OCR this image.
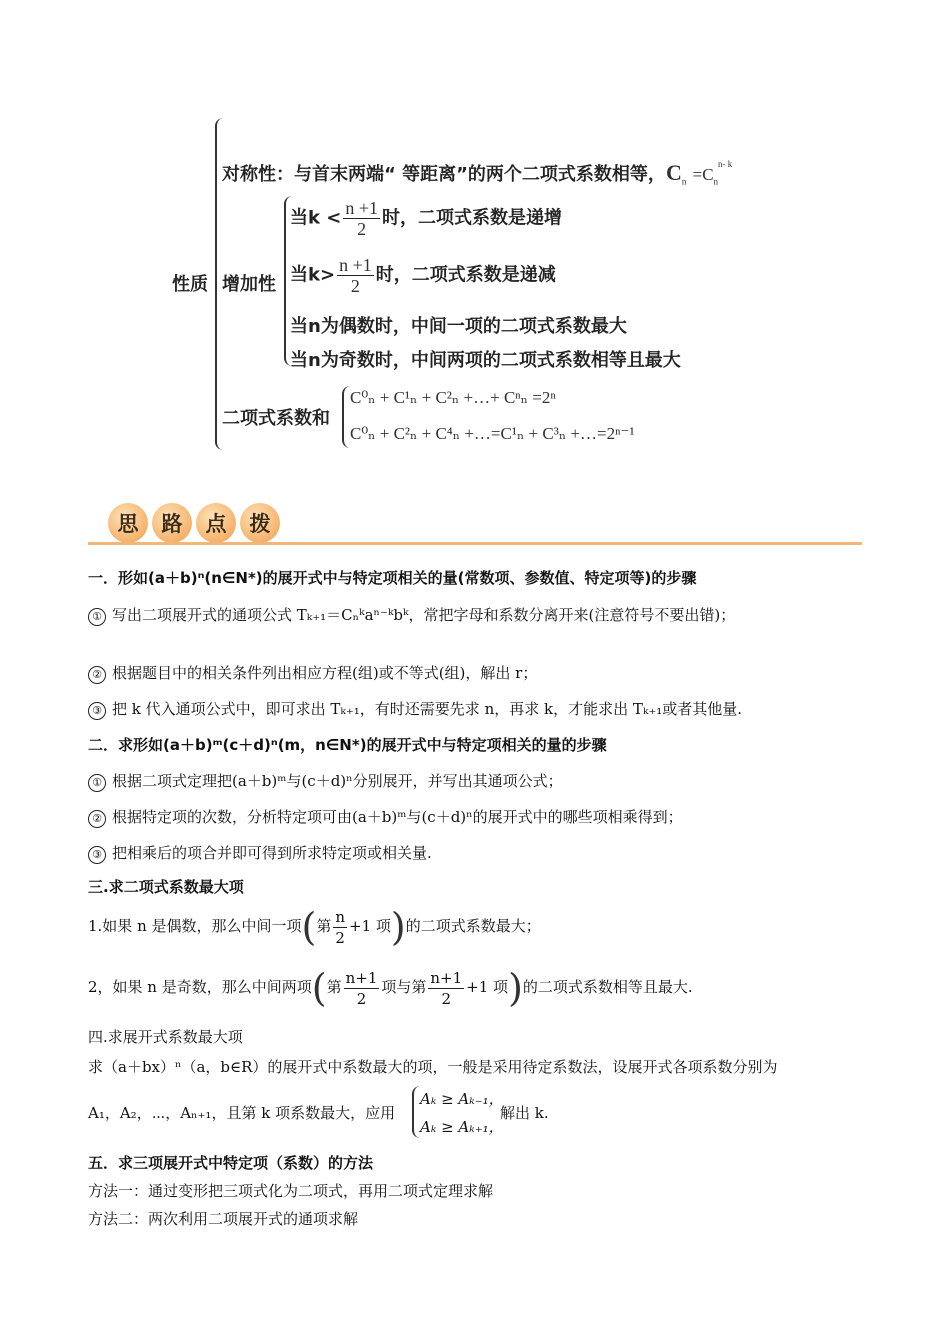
性质
对称性：与首末两端“ 等距离”的两个二项式系数相等，$C_n =C_n^{n- k}$
增加性
当$k < \frac{n +1}{2}$ 时，二项式系数是递增
当$k> \frac{n +1}{2}$ 时，二项式系数是递减
当n为偶数时，中间一项的二项式系数最大
当n为奇数时，中间两项的二项式系数相等且最大
二项式系数和
C⁰ₙ + C¹ₙ + C²ₙ +…+ Cⁿₙ =2ⁿ
C⁰ₙ + C²ₙ + C⁴ₙ +…=C¹ₙ + C³ₙ +…=2ⁿ⁻¹
思	路	点	拨
一．形如(a＋b)ⁿ(n∈N*)的展开式中与特定项相关的量(常数项、参数值、特定项等)的步骤
① 写出二项展开式的通项公式 Tₖ₊₁＝Cₙᵏaⁿ⁻ᵏbᵏ，常把字母和系数分离开来(注意符号不要出错)；
② 根据题目中的相关条件列出相应方程(组)或不等式(组)，解出 r；
③ 把 k 代入通项公式中，即可求出 Tₖ₊₁，有时还需要先求 n，再求 k，才能求出 Tₖ₊₁或者其他量.
二．求形如(a＋b)ᵐ(c＋d)ⁿ(m，n∈N*)的展开式中与特定项相关的量的步骤
① 根据二项式定理把(a＋b)ᵐ与(c＋d)ⁿ分别展开，并写出其通项公式；
② 根据特定项的次数，分析特定项可由(a＋b)ᵐ与(c＋d)ⁿ的展开式中的哪些项相乘得到；
③ 把相乘后的项合并即可得到所求特定项或相关量.
三.求二项式系数最大项
1.如果 n 是偶数，那么中间一项(第 $\frac{n}{2} +1$ 项)的二项式系数最大；
2，如果 n 是奇数，那么中间两项(第 $\frac{n+1}{2}$ 项与第 $\frac{n+1}{2} +1$ 项)的二项式系数相等且最大.
四.求展开式系数最大项
求（a＋bx）ⁿ（a，b∈R）的展开式中系数最大的项，一般是采用待定系数法，设展开式各项系数分别为
A₁，A₂，⋯，Aₙ₊₁，且第 k 项系数最大，应用
Aₖ ≥ Aₖ₋₁，
Aₖ ≥ Aₖ₊₁，
解出 k.
五．求三项展开式中特定项（系数）的方法
方法一：通过变形把三项式化为二项式，再用二项式定理求解
方法二：两次利用二项展开式的通项求解
